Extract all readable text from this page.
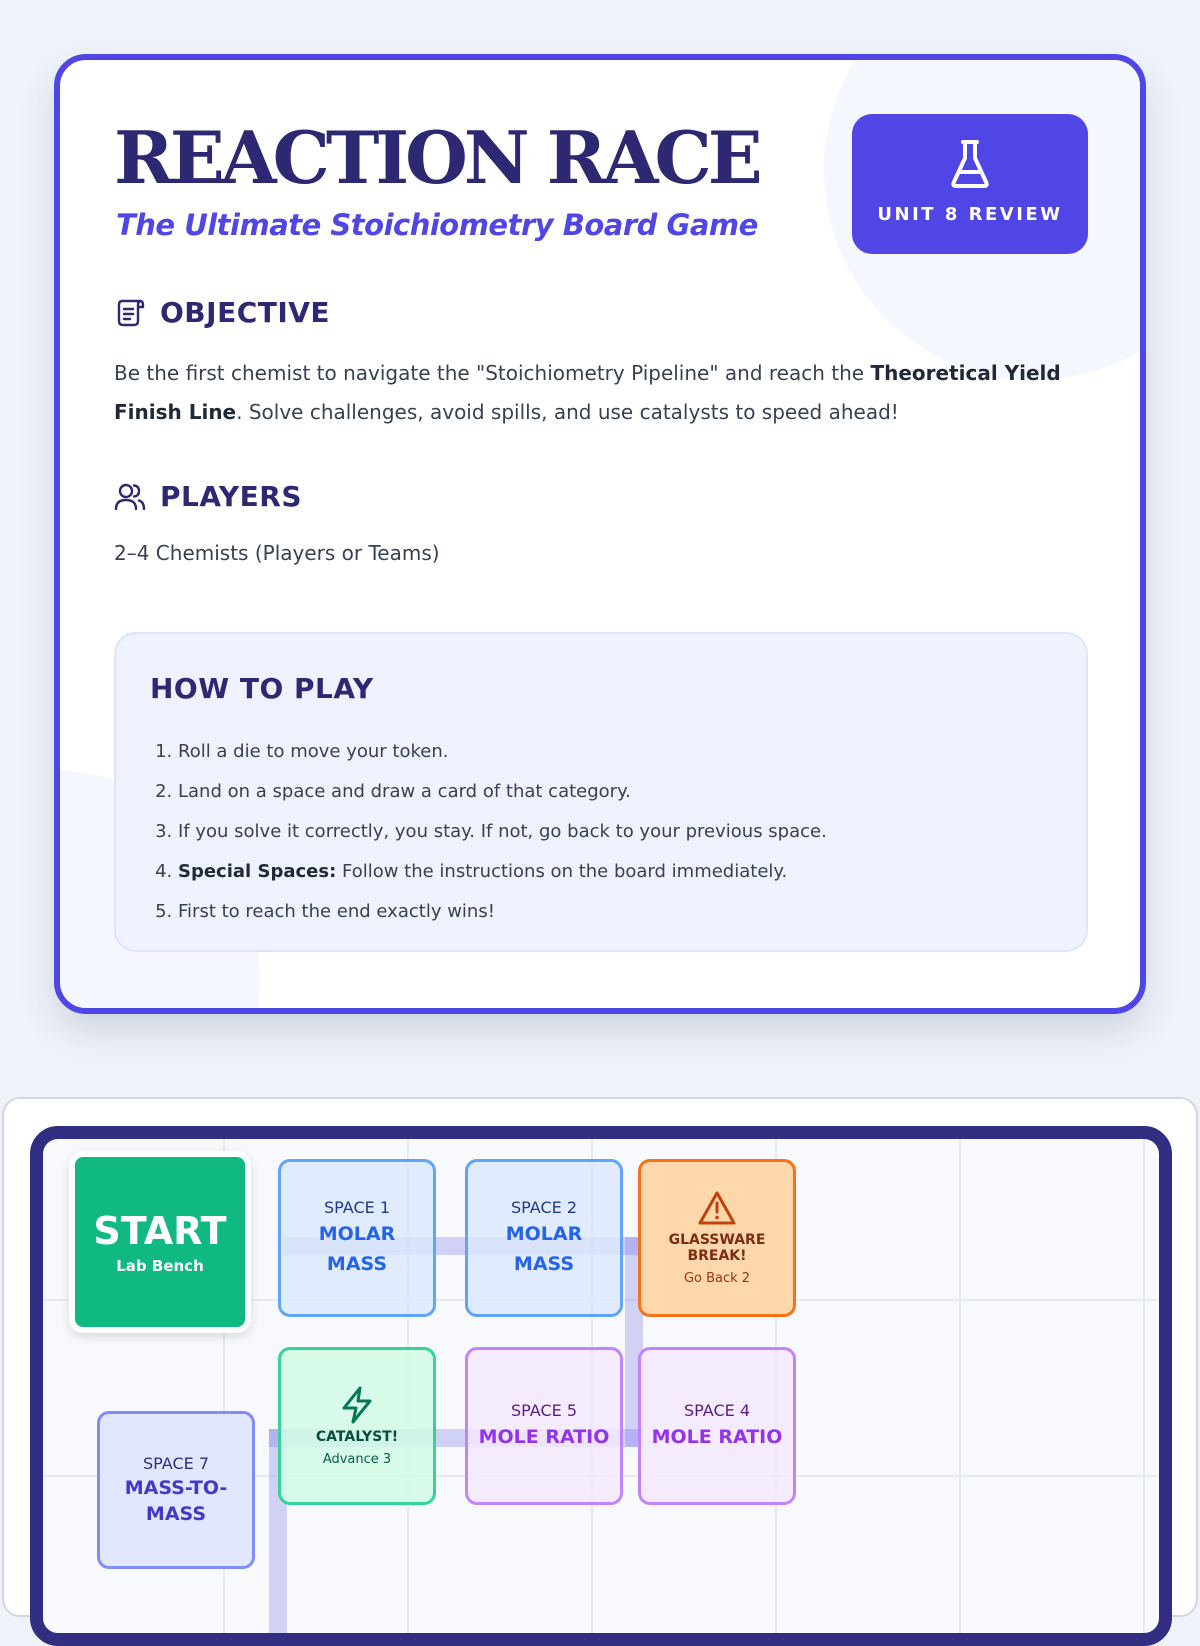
REACTION RACE
The Ultimate Stoichiometry Board Game	UNIT 8 REVIEW
OBJECTIVE

Be the first chemist to navigate the "Stoichiometry Pipeline" and reach the Theoretical Yield Finish Line. Solve challenges, avoid spills, and use catalysts to speed ahead!

PLAYERS

2–4 Chemists (Players or Teams)

HOW TO PLAY
1. Roll a die to move your token.
2. Land on a space and draw a card of that category.
3. If you solve it correctly, you stay. If not, go back to your previous space.
4. Special Spaces: Follow the instructions on the board immediately.
5. First to reach the end exactly wins!
START
Lab Bench
SPACE 1
MOLAR MASS
SPACE 2
MOLAR MASS
GLASSWARE BREAK!
Go Back 2
CATALYST!
Advance 3
SPACE 5
MOLE RATIO
SPACE 4
MOLE RATIO
SPACE 7
MASS-TO-MASS
